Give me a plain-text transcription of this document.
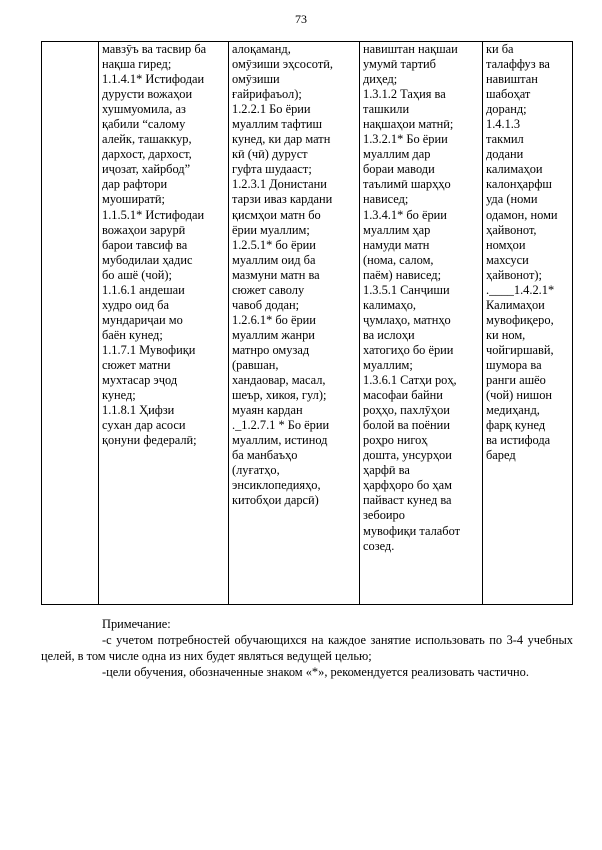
73

мавзӯъ ва тасвир ба
нақша гиред;
1.1.4.1* Истифодаи
дурусти вожаҳои
хушмуомила, аз
қабили “салому
алейк, ташаккур,
дархост, дархост,
иҷозат, хайрбод”
дар рафтори
муоширатӣ;
1.1.5.1* Истифодаи
вожаҳои зарурӣ
барои тавсиф ва
мубодилаи ҳадис
бо ашё (чой);
1.1.6.1 андешаи
худро оид ба
мундариҷаи мо
баён кунед;
1.1.7.1 Мувофиқи
сюжет матни
мухтасар эҷод
кунед;
1.1.8.1 Ҳифзи
сухан дар асоси
қонуни федералӣ;

алоқаманд,
омӯзиши эҳсосотӣ,
омӯзиши
ғайрифаъол);
1.2.2.1 Бо ёрии
муаллим тафтиш
кунед, ки дар матн
кӣ (чӣ) дуруст
гуфта шудааст;
1.2.3.1 Донистани
тарзи иваз кардани
қисмҳои матн бо
ёрии муаллим;
1.2.5.1* бо ёрии
муаллим оид ба
мазмуни матн ва
сюжет саволу
чавоб додан;
1.2.6.1* бо ёрии
муаллим жанри
матнро омузад
(равшан,
хандаовар, масал,
шеър, хикоя, гул);
муаян кардан
._1.2.7.1 * Бо ёрии
муаллим, истинод
ба манбаъҳо
(луғатҳо,
энсиклопедияҳо,
китобҳои дарсӣ)

навиштан нақшаи
умумӣ тартиб
диҳед;
1.3.1.2 Таҳия ва
ташкили
нақшаҳои матнӣ;
1.3.2.1* Бо ёрии
муаллим дар
бораи маводи
таълимӣ шарҳҳо
нависед;
1.3.4.1* бо ёрии
муаллим ҳар
намуди матн
(нома, салом,
паём) нависед;
1.3.5.1 Санҷиши
калимаҳо,
ҷумлаҳо, матнҳо
ва ислоҳи
хатогиҳо бо ёрии
муаллим;
1.3.6.1 Сатҳи роҳ,
масофаи байни
роҳҳо, пахлӯҳои
болой ва поёнии
роҳро нигоҳ
дошта, унсурҳои
ҳарфӣ ва
ҳарфҳоро бо ҳам
пайваст кунед ва
зебоиро
мувофиқи талабот
созед.

ки ба
талаффуз ва
навиштан
шабоҳат
доранд;
1.4.1.3
такмил
додани
калимаҳои
калонҳарфш
уда (номи
одамон, номи
ҳайвонот,
номҳои
махсуси
ҳайвонот);
.____1.4.2.1*
Калимаҳои
мувофиқеро,
ки ном,
чойгиршавй,
шумора ва
ранги ашёо
(чой) нишон
медиҳанд,
фарқ кунед
ва истифода
баред
Примечание:
-с учетом потребностей обучающихся на каждое занятие использовать по 3-4 учебных целей, в том числе одна из них будет являться ведущей целью;
-цели обучения, обозначенные знаком «*», рекомендуется реализовать частично.
